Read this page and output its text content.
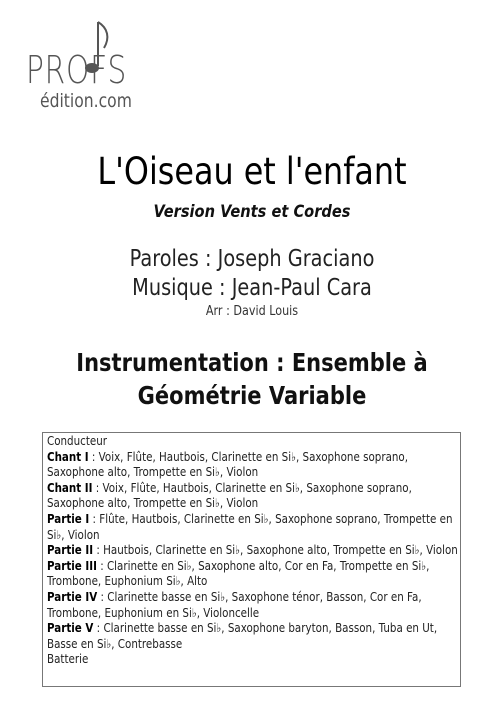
PROFS
édition.com
L'Oiseau et l'enfant
Version Vents et Cordes
Paroles : Joseph Graciano
Musique : Jean-Paul Cara
Arr : David Louis
Instrumentation : Ensemble à
Géométrie Variable
Conducteur
Chant I : Voix, Flûte, Hautbois, Clarinette en Si♭, Saxophone soprano,
Saxophone alto, Trompette en Si♭, Violon
Chant II : Voix, Flûte, Hautbois, Clarinette en Si♭, Saxophone soprano,
Saxophone alto, Trompette en Si♭, Violon
Partie I : Flûte, Hautbois, Clarinette en Si♭, Saxophone soprano, Trompette en
Si♭, Violon
Partie II : Hautbois, Clarinette en Si♭, Saxophone alto, Trompette en Si♭, Violon
Partie III : Clarinette en Si♭, Saxophone alto, Cor en Fa, Trompette en Si♭,
Trombone, Euphonium Si♭, Alto
Partie IV : Clarinette basse en Si♭, Saxophone ténor, Basson, Cor en Fa,
Trombone, Euphonium en Si♭, Violoncelle
Partie V : Clarinette basse en Si♭, Saxophone baryton, Basson, Tuba en Ut,
Basse en Si♭, Contrebasse
Batterie
